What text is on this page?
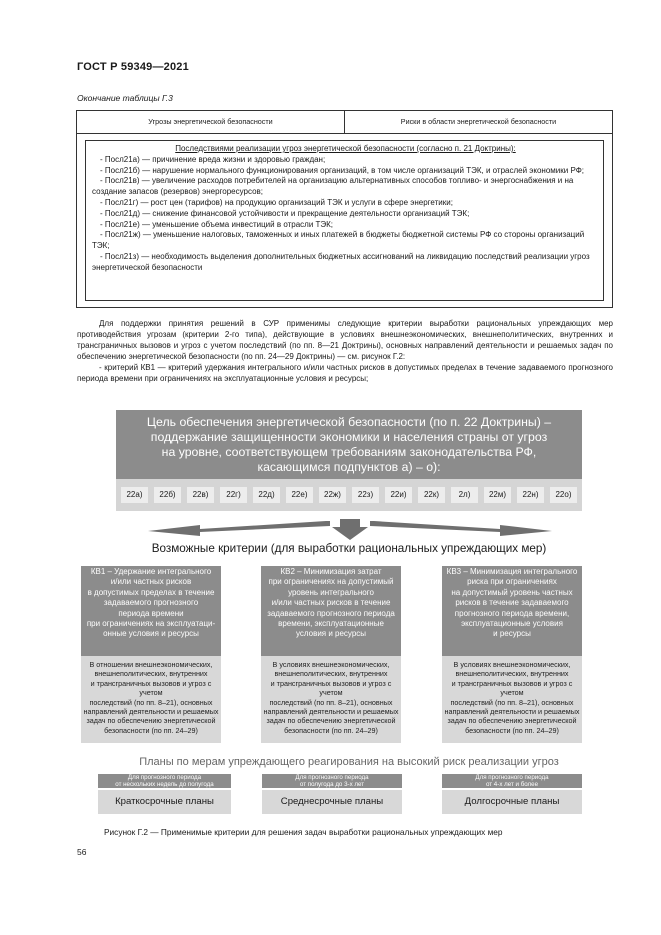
ГОСТ Р 59349—2021
Окончание таблицы Г.3
Угрозы энергетической безопасности	Риски в области энергетической безопасности
Последствиями реализации угроз энергетической безопасности (согласно п. 21 Доктрины):
- Посл21а) — причинение вреда жизни и здоровью граждан;
- Посл21б) — нарушение нормального функционирования организаций, в том числе организаций ТЭК, и отраслей экономики РФ;
- Посл21в) — увеличение расходов потребителей на организацию альтернативных способов топливо- и энергоснабжения и на создание запасов (резервов) энергоресурсов;
- Посл21г) — рост цен (тарифов) на продукцию организаций ТЭК и услуги в сфере энергетики;
- Посл21д) — снижение финансовой устойчивости и прекращение деятельности организаций ТЭК;
- Посл21е) — уменьшение объема инвестиций в отрасли ТЭК;
- Посл21ж) — уменьшение налоговых, таможенных и иных платежей в бюджеты бюджетной системы РФ со стороны организаций ТЭК;
- Посл21з) — необходимость выделения дополнительных бюджетных ассигнований на ликвидацию последствий реализации угроз энергетической безопасности

Для поддержки принятия решений в СУР применимы следующие критерии выработки рациональных упреждающих мер противодействия угрозам (критерии 2-го типа), действующие в условиях внешнеэкономических, внешнеполитических, внутренних и трансграничных вызовов и угроз с учетом последствий (по пп. 8—21 Доктрины), основных направлений деятельности и решаемых задач по обеспечению энергетической безопасности (по пп. 24—29 Доктрины) — см. рисунок Г.2:

- критерий КВ1 — критерий удержания интегрального и/или частных рисков в допустимых пределах в течение задаваемого прогнозного периода времени при ограничениях на эксплуатационные условия и ресурсы;

Цель обеспечения энергетической безопасности (по п. 22 Доктрины) –
поддержание защищенности экономики и населения страны от угроз
на уровне, соответствующем требованиям законодательства РФ,
касающимся подпунктов а) – о):
22а)	22б)	22в)	22г)	22д)	22е)	22ж)	22з)	22и)	22к)	2л)	22м)	22н)	22о)
Возможные критерии (для выработки рациональных упреждающих мер)
КВ1 – Удержание интегрального
и/или частных рисков
в допустимых пределах в течение
задаваемого прогнозного
периода времени
при ограничениях на эксплуатаци-
онные условия и ресурсы
КВ2 – Минимизация затрат
при ограничениях на допустимый
уровень интегрального
и/или частных рисков в течение
задаваемого прогнозного периода
времени, эксплуатационные
условия и ресурсы
КВ3 – Минимизация интегрального
риска при ограничениях
на допустимый уровень частных
рисков в течение задаваемого
прогнозного периода времени,
эксплуатационные условия
и ресурсы
В отношении внешнеэкономических,
внешнеполитических, внутренних
и трансграничных вызовов и угроз с учетом
последствий (по пп. 8–21), основных
направлений деятельности и решаемых
задач по обеспечению энергетической
безопасности (по пп. 24–29)
В условиях внешнеэкономических,
внешнеполитических, внутренних
и трансграничных вызовов и угроз с учетом
последствий (по пп. 8–21), основных
направлений деятельности и решаемых
задач по обеспечению энергетической
безопасности (по пп. 24–29)
В условиях внешнеэкономических,
внешнеполитических, внутренних
и трансграничных вызовов и угроз с учетом
последствий (по пп. 8–21), основных
направлений деятельности и решаемых
задач по обеспечению энергетической
безопасности (по пп. 24–29)
Планы по мерам упреждающего реагирования на высокий риск реализации угроз
Для прогнозного периода
от нескольких недель до полугода
Для прогнозного периода
от полугода до 3-х лет
Для прогнозного периода
от 4-х лет и более
Краткосрочные планы	Среднесрочные планы	Долгосрочные планы
Рисунок Г.2 — Применимые критерии для решения задач выработки рациональных упреждающих мер
56
